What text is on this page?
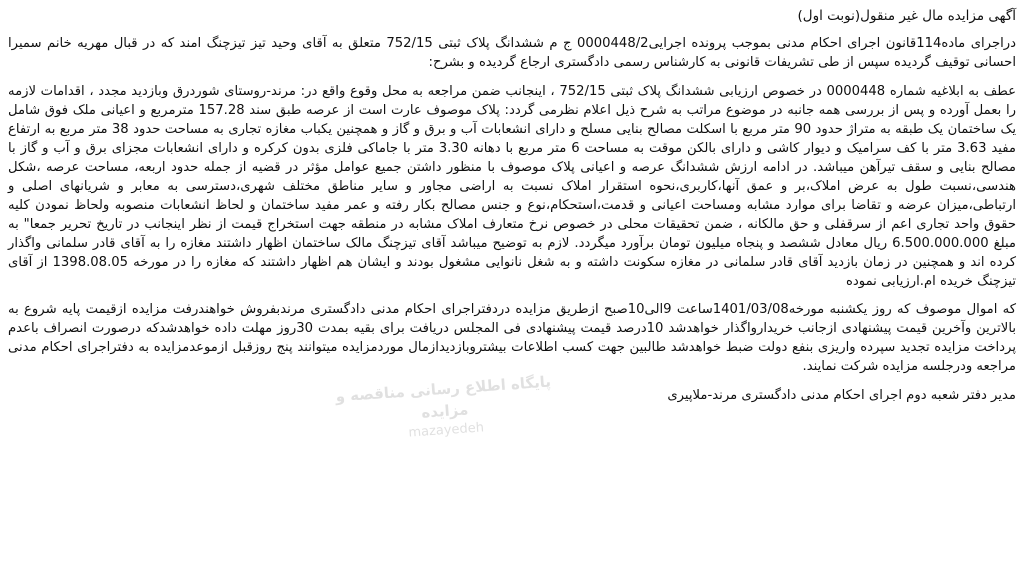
آگهی مزایده مال غیر منقول(نوبت اول)

دراجرای ماده114قانون اجرای احکام مدنی بموجب پرونده اجرایی0000448/2 ج م ششدانگ پلاک ثبتی 752/15 متعلق به آقای وحید تیز تیزچنگ امند که در قبال مهریه خانم سمیرا احسانی توقیف گردیده سپس از طی تشریفات قانونی به کارشناس رسمی دادگستری ارجاع گردیده و بشرح:

عطف به ابلاغیه شماره 0000448 در خصوص ارزیابی ششدانگ پلاک ثبتی 752/15 ، اینجانب ضمن مراجعه به محل وقوع واقع در: مرند-روستای شوردرق وبازدید مجدد ، اقدامات لازمه را بعمل آورده و پس از بررسی همه جانبه در موضوع مراتب به شرح ذیل اعلام نظرمی گردد: پلاک موصوف عارت است از عرصه طبق سند 157.28 مترمربع و اعیانی ملک فوق شامل یک ساختمان یک طبقه به متراژ حدود 90 متر مربع با اسکلت مصالح بنایی مسلح و دارای انشعابات آب و برق و گاز و همچنین یکباب مغازه تجاری به مساحت حدود 38 متر مربع به ارتفاع مفید 3.63 متر با کف سرامیک و دیوار کاشی و دارای بالکن موقت به مساحت 6 متر مربع با دهانه 3.30 متر با جاماکی فلزی بدون کرکره و دارای انشعابات مجزای برق و آب و گاز با مصالح بنایی و سقف تیرآهن میباشد. در ادامه ارزش ششدانگ عرصه و اعیانی پلاک موصوف با منظور داشتن جمیع عوامل مؤثر در قضیه از جمله حدود اربعه، مساحت عرصه ،شکل هندسی،نسبت طول به عرض املاک،بر و عمق آنها،کاربری،نحوه استقرار املاک نسبت به اراضی مجاور و سایر مناطق مختلف شهری،دسترسی به معابر و شریانهای اصلی و ارتباطی،میزان عرضه و تقاضا برای موارد مشابه ومساحت اعیانی و قدمت،استحکام،نوع و جنس مصالح بکار رفته و عمر مفید ساختمان و لحاظ انشعابات منصوبه ولحاظ نمودن کلیه حقوق واحد تجاری اعم از سرقفلی و حق مالکانه ، ضمن تحقیقات محلی در خصوص نرخ متعارف املاک مشابه در منطقه جهت استخراج قیمت از نظر اینجانب در تاریخ تحریر جمعا" به مبلغ 6.500.000.000 ریال معادل ششصد و پنجاه میلیون تومان برآورد میگردد. لازم به توضیح میباشد آقای تیزچنگ مالک ساختمان اظهار داشتند مغازه را به آقای قادر سلمانی واگذار کرده اند و همچنین در زمان بازدید آقای قادر سلمانی در مغازه سکونت داشته و به شغل نانوایی مشغول بودند و ایشان هم اظهار داشتند که مغازه را در مورخه 1398.08.05 از آقای تیزچنگ خریده ام.ارزیابی نموده

که اموال موصوف که روز یکشنبه مورخه1401/03/08ساعت 9الی10صبح ازطریق مزایده دردفتراجرای احکام مدنی دادگستری مرندبفروش خواهندرفت مزایده ازقیمت پایه شروع به بالاترین وآخرین قیمت پیشنهادی ازجانب خریدارواگذار خواهدشد 10درصد قیمت پیشنهادی فی المجلس دریافت برای بقیه بمدت 30روز مهلت داده خواهدشدکه درصورت انصراف باعدم پرداخت مزایده تجدید سپرده واریزی بنفع دولت ضبط خواهدشد طالبین جهت کسب اطلاعات بیشتروبازدیدازمال موردمزایده میتوانند پنج روزقبل ازموعدمزایده به دفتراجرای احکام مدنی مراجعه ودرجلسه مزایده شرکت نمایند.

مدیر دفتر شعبه دوم اجرای احکام مدنی دادگستری مرند-ملاپیری

پایگاه اطلاع رسانی مناقصه و مزایده
mazayedeh
